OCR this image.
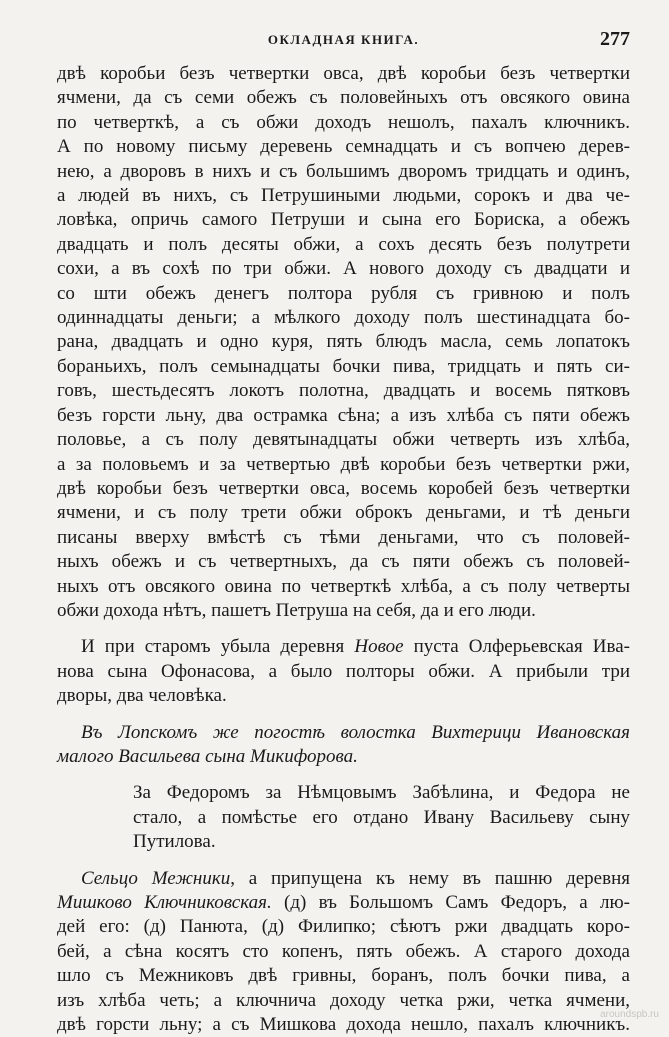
ОКЛАДНАЯ КНИГА.	277
двѣ коробьи безъ четвертки овса, двѣ коробьи безъ четвертки
ячмени, да съ семи обежъ съ половейныхъ отъ овсякого овина
по четверткѣ, а съ обжи доходъ нешолъ, пахалъ ключникъ.
А по новому письму деревень семнадцать и съ вопчею дерев-
нею, а дворовъ в нихъ и съ большимъ дворомъ тридцать и одинъ,
а людей въ нихъ, съ Петрушиными людьми, сорокъ и два че-
ловѣка, опричь самого Петруши и сына его Бориска, а обежъ
двадцать и полъ десяты обжи, а сохъ десять безъ полутрети
сохи, а въ сохѣ по три обжи. А нового доходу съ двадцати и
со шти обежъ денегъ полтора рубля съ гривною и полъ
одиннадцаты деньги; а мѣлкого доходу полъ шестинадцата бо-
рана, двадцать и одно куря, пять блюдъ масла, семь лопатокъ
бораньихъ, полъ семынадцаты бочки пива, тридцать и пять си-
говъ, шестьдесятъ локотъ полотна, двадцать и восемь пятковъ
безъ горсти льну, два острамка сѣна; а изъ хлѣба съ пяти обежъ
половье, а съ полу девятынадцаты обжи четверть изъ хлѣба,
а за половьемъ и за четвертью двѣ коробьи безъ четвертки ржи,
двѣ коробьи безъ четвертки овса, восемь коробей безъ четвертки
ячмени, и съ полу трети обжи оброкъ деньгами, и тѣ деньги
писаны вверху вмѣстѣ съ тѣми деньгами, что съ половей-
ныхъ обежъ и съ четвертныхъ, да съ пяти обежъ съ половей-
ныхъ отъ овсякого овина по четверткѣ хлѣба, а съ полу четверты
обжи дохода нѣтъ, пашетъ Петруша на себя, да и его люди.
И при старомъ убыла деревня Новое пуста Олферьевская Ива-
нова сына Офонасова, а было полторы обжи. А прибыли три
дворы, два человѣка.
Въ Лопскомъ же погостѣ волостка Вихтерици Ивановская
малого Васильева сына Микифорова.
За Федоромъ за Нѣмцовымъ Забѣлина, и Федора не
стало, а помѣстье его отдано Ивану Васильеву сыну
Путилова.
Сельцо Межники, а припущена къ нему въ пашню деревня
Мишково Ключниковская. (д) въ Большомъ Самъ Федоръ, а лю-
дей его: (д) Панюта, (д) Филипко; сѣютъ ржи двадцать коро-
бей, а сѣна косятъ сто копенъ, пять обежъ. А старого дохода
шло съ Межниковъ двѣ гривны, боранъ, полъ бочки пива, а
изъ хлѣба четь; а ключнича доходу четка ржи, четка ячмени,
двѣ горсти льну; а съ Мишкова дохода нешло, пахалъ ключникъ.
aroundspb.ru
